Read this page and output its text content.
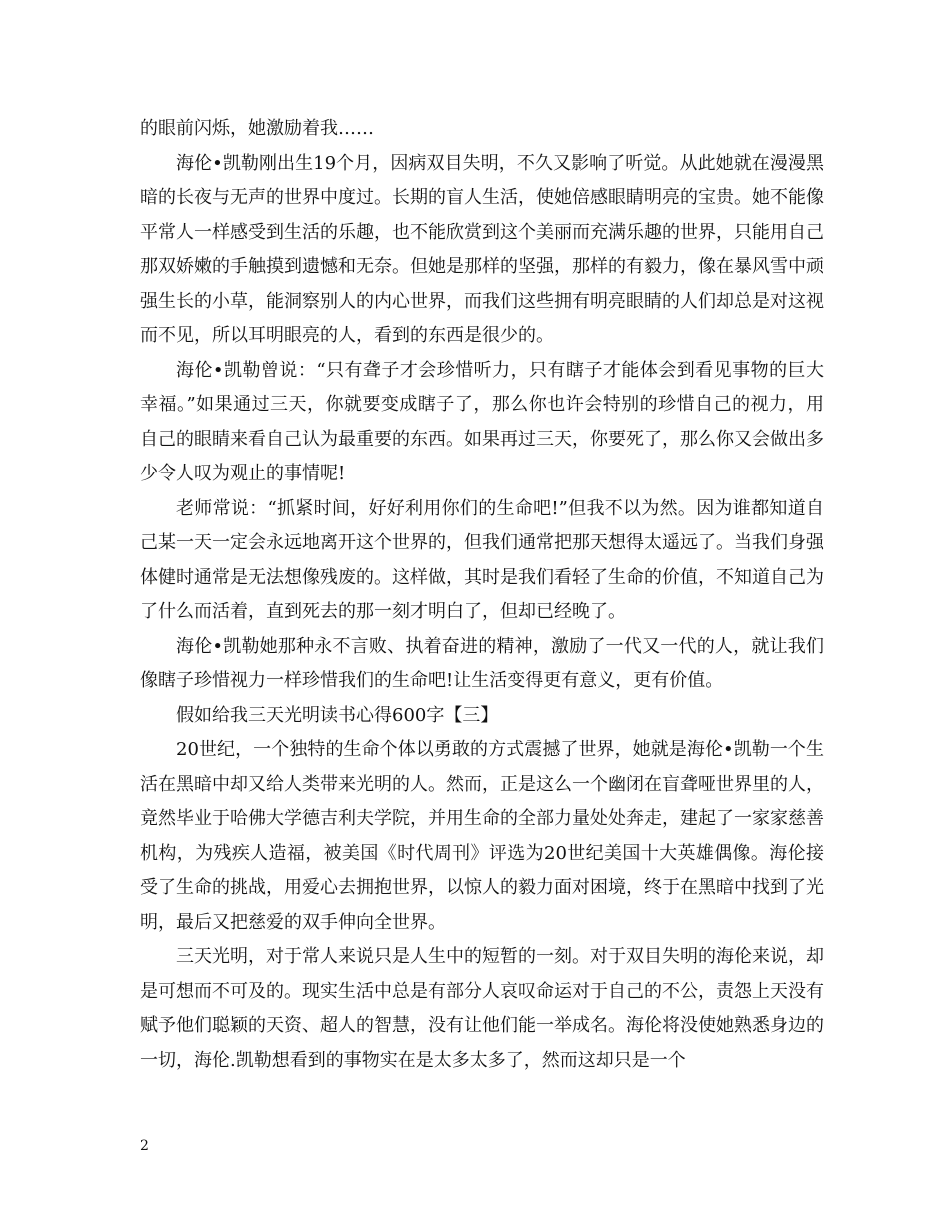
的眼前闪烁，她激励着我……

海伦•凯勒刚出生19个月，因病双目失明，不久又影响了听觉。从此她就在漫漫黑暗的长夜与无声的世界中度过。长期的盲人生活，使她倍感眼睛明亮的宝贵。她不能像平常人一样感受到生活的乐趣，也不能欣赏到这个美丽而充满乐趣的世界，只能用自己那双娇嫩的手触摸到遗憾和无奈。但她是那样的坚强，那样的有毅力，像在暴风雪中顽强生长的小草，能洞察别人的内心世界，而我们这些拥有明亮眼睛的人们却总是对这视而不见，所以耳明眼亮的人，看到的东西是很少的。

海伦•凯勒曾说：“只有聋子才会珍惜听力，只有瞎子才能体会到看见事物的巨大幸福。”如果通过三天，你就要变成瞎子了，那么你也许会特别的珍惜自己的视力，用自己的眼睛来看自己认为最重要的东西。如果再过三天，你要死了，那么你又会做出多少令人叹为观止的事情呢!

老师常说：“抓紧时间，好好利用你们的生命吧!”但我不以为然。因为谁都知道自己某一天一定会永远地离开这个世界的，但我们通常把那天想得太遥远了。当我们身强体健时通常是无法想像残废的。这样做，其时是我们看轻了生命的价值，不知道自己为了什么而活着，直到死去的那一刻才明白了，但却已经晚了。

海伦•凯勒她那种永不言败、执着奋进的精神，激励了一代又一代的人，就让我们像瞎子珍惜视力一样珍惜我们的生命吧!让生活变得更有意义，更有价值。

假如给我三天光明读书心得600字【三】

20世纪，一个独特的生命个体以勇敢的方式震撼了世界，她就是海伦•凯勒一个生活在黑暗中却又给人类带来光明的人。然而，正是这么一个幽闭在盲聋哑世界里的人，竟然毕业于哈佛大学德吉利夫学院，并用生命的全部力量处处奔走，建起了一家家慈善机构，为残疾人造福，被美国《时代周刊》评选为20世纪美国十大英雄偶像。海伦接受了生命的挑战，用爱心去拥抱世界，以惊人的毅力面对困境，终于在黑暗中找到了光明，最后又把慈爱的双手伸向全世界。

三天光明，对于常人来说只是人生中的短暂的一刻。对于双目失明的海伦来说，却是可想而不可及的。现实生活中总是有部分人哀叹命运对于自己的不公，责怨上天没有赋予他们聪颖的天资、超人的智慧，没有让他们能一举成名。海伦将没使她熟悉身边的一切，海伦.凯勒想看到的事物实在是太多太多了，然而这却只是一个

2
